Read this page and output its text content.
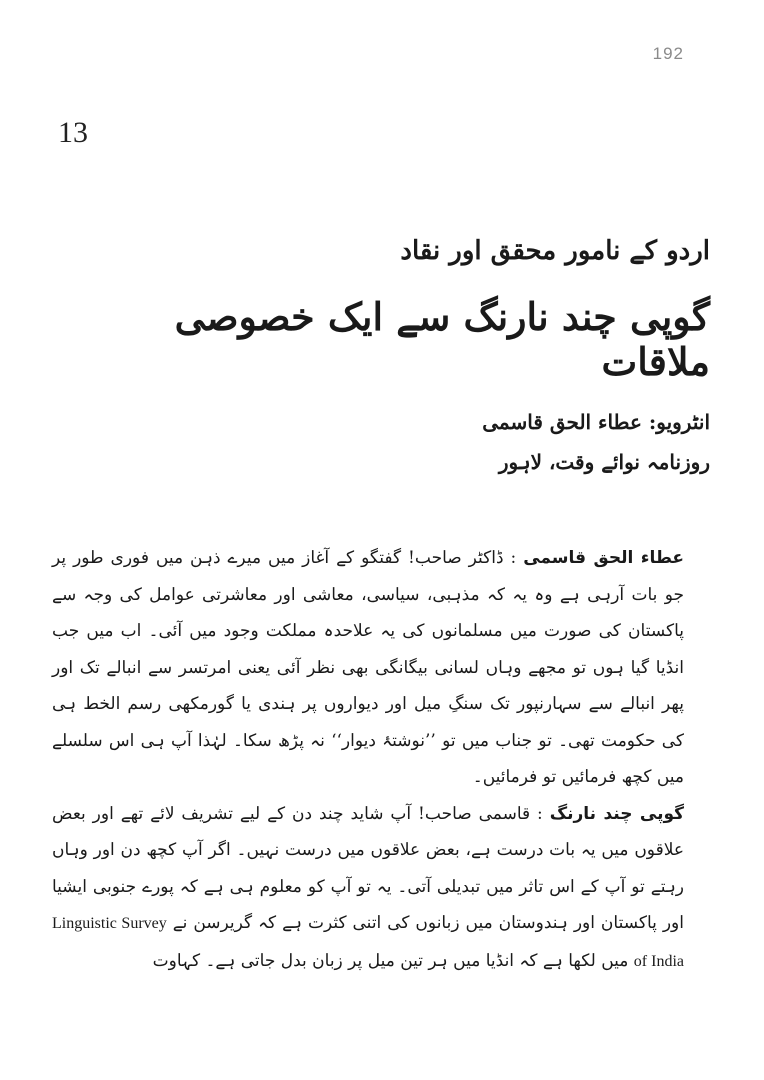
192
13
اردو کے نامور محقق اور نقاد
گوپی چند نارنگ سے ایک خصوصی ملاقات
انٹرویو: عطاء الحق قاسمی
روزنامہ نوائے وقت، لاہور

عطاء الحق قاسمی : ڈاکٹر صاحب! گفتگو کے آغاز میں میرے ذہن میں فوری طور پر جو بات آرہی ہے وہ یہ کہ مذہبی، سیاسی، معاشی اور معاشرتی عوامل کی وجہ سے پاکستان کی صورت میں مسلمانوں کی یہ علاحدہ مملکت وجود میں آئی۔ اب میں جب انڈیا گیا ہوں تو مجھے وہاں لسانی بیگانگی بھی نظر آئی یعنی امرتسر سے انبالے تک اور پھر انبالے سے سہارنپور تک سنگِ میل اور دیواروں پر ہندی یا گورمکھی رسم الخط ہی کی حکومت تھی۔ تو جناب میں تو ’’نوشتۂ دیوار‘‘ نہ پڑھ سکا۔ لہٰذا آپ ہی اس سلسلے میں کچھ فرمائیں تو فرمائیں۔

گوپی چند نارنگ : قاسمی صاحب! آپ شاید چند دن کے لیے تشریف لائے تھے اور بعض علاقوں میں یہ بات درست ہے، بعض علاقوں میں درست نہیں۔ اگر آپ کچھ دن اور وہاں رہتے تو آپ کے اس تاثر میں تبدیلی آتی۔ یہ تو آپ کو معلوم ہی ہے کہ پورے جنوبی ایشیا اور پاکستان اور ہندوستان میں زبانوں کی اتنی کثرت ہے کہ گریرسن نے Linguistic Survey of India میں لکھا ہے کہ انڈیا میں ہر تین میل پر زبان بدل جاتی ہے۔ کہاوت
